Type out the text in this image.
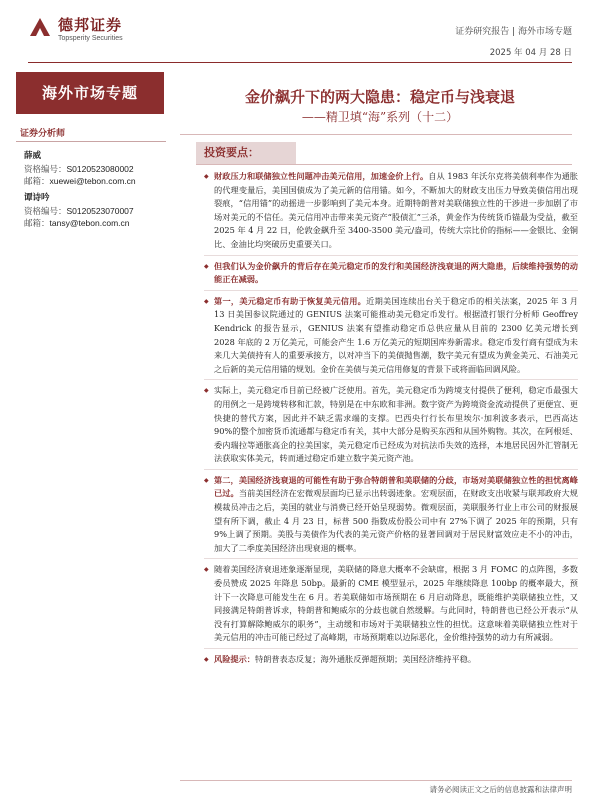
德邦证券
Topsperity Securities
证券研究报告 | 海外市场专题
2025 年 04 月 28 日
海外市场专题
证券分析师
薛威
资格编号：S0120523080002
邮箱：xuewei@tebon.com.cn
谭诗吟
资格编号：S0120523070007
邮箱：tansy@tebon.com.cn
金价飙升下的两大隐患：稳定币与浅衰退
——精卫填“海”系列（十二）
投资要点：

◆ 财政压力和联储独立性问题冲击美元信用，加速金价上行。自从 1983 年沃尔克将美债利率作为通胀的代理变量后，美国国债成为了美元新的信用锚。如今，不断加大的财政支出压力导致美债信用出现裂痕，“信用锚”的动摇进一步影响到了美元本身。近期特朗普对美联储独立性的干涉进一步加剧了市场对美元的不信任。美元信用冲击带来美元资产“股债汇”三杀，黄金作为传统货币锚最为受益，截至 2025 年 4 月 22 日，伦敦金飙升至 3400-3500 美元/盎司，传统大宗比价的指标——金银比、金铜比、金油比均突破历史重要关口。

◆ 但我们认为金价飙升的背后存在美元稳定币的发行和美国经济浅衰退的两大隐患，后续维持强势的动能正在减弱。

◆ 第一，美元稳定币有助于恢复美元信用。近期美国连续出台关于稳定币的相关法案，2025 年 3 月 13 日美国参议院通过的 GENIUS 法案可能推动美元稳定币发行。根据渣打银行分析师 Geoffrey Kendrick 的报告显示，GENIUS 法案有望推动稳定币总供应量从目前的 2300 亿美元增长到 2028 年底的 2 万亿美元，可能会产生 1.6 万亿美元的短期国库券新需求。稳定币发行商有望成为未来几大美债持有人的重要承接方，以对冲当下的美债抛售潮，数字美元有望成为黄金美元、石油美元之后新的美元信用锚的规划。金价在美债与美元信用修复的背景下或将面临回调风险。

◆ 实际上，美元稳定币目前已经被广泛使用。首先，美元稳定币为跨境支付提供了便利，稳定币最强大的用例之一是跨境转移和汇款，特别是在中东欧和非洲。数字资产为跨境资金流动提供了更便宜、更快捷的替代方案，因此并不缺乏需求端的支撑。巴西央行行长布里埃尔·加利波多表示，巴西高达 90%的整个加密货币流通都与稳定币有关，其中大部分是购买东西和从国外购物。其次，在阿根廷、委内瑞拉等通胀高企的拉美国家，美元稳定币已经成为对抗法币失效的选择，本地居民因外汇管制无法获取实体美元，转而通过稳定币建立数字美元资产池。

◆ 第二，美国经济浅衰退的可能性有助于弥合特朗普和美联储的分歧，市场对美联储独立性的担忧离峰已过。当前美国经济在宏微观层面均已显示出转弱迹象。宏观层面，在财政支出收紧与联邦政府大规模裁员冲击之后，美国的就业与消费已经开始呈现弱势。微观层面，美联服务行业上市公司的财报展望有所下调，截止 4 月 23 日，标普 500 指数成份股公司中有 27%下调了 2025 年的预期，只有 9%上调了预期。美股与美债作为代表的美元资产价格的显著回调对于居民财富效应走不小的冲击，加大了二季度美国经济出现衰退的概率。

◆ 随着美国经济衰退迹象逐渐显现，美联储的降息大概率不会缺席，根据 3 月 FOMC 的点阵图，多数委员赞成 2025 年降息 50bp。最新的 CME 模型显示，2025 年继续降息 100bp 的概率最大，预计下一次降息可能发生在 6 月。若美联储如市场预期在 6 月启动降息，既能维护美联储独立性，又同接满足特朗普诉求，特朗普和鲍威尔的分歧也就自然缓解。与此同时，特朗普也已经公开表示“从没有打算解除鲍威尔的职务”，主动缓和市场对于美联储独立性的担忧。这意味着美联储独立性对于美元信用的冲击可能已经过了高峰期，市场预期难以边际恶化，金价维持强势的动力有所减弱。

◆ 风险提示：特朗普表态反复；海外通胀反弹超预期；美国经济维持平稳。

请务必阅读正文之后的信息披露和法律声明
